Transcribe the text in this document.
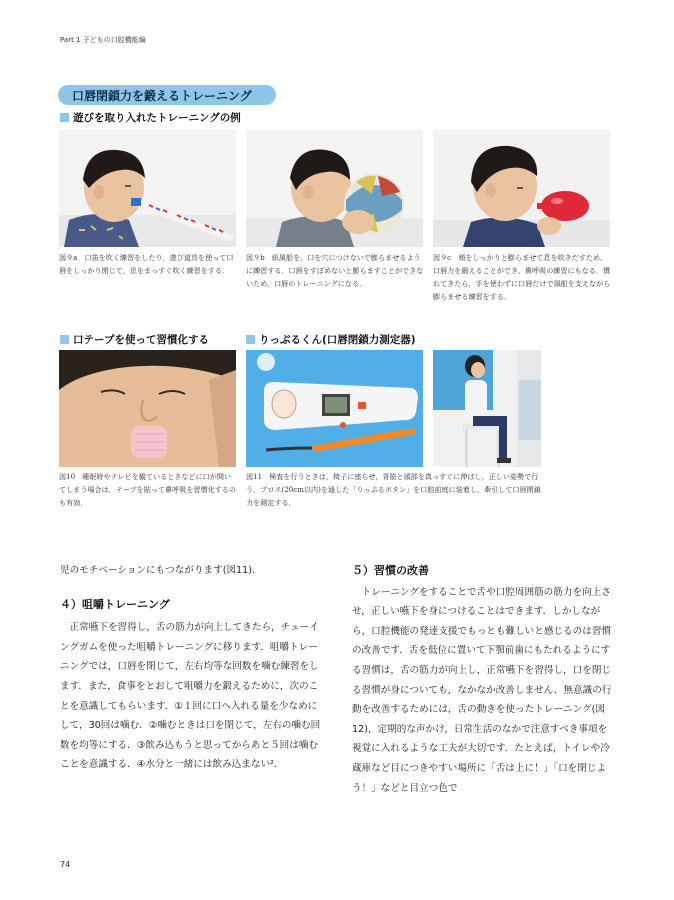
Part 1 子どもの口腔機能編
口唇閉鎖力を鍛えるトレーニング
遊びを取り入れたトレーニングの例
図９a　口笛を吹く練習をしたり，遊び道具を使って口唇をしっかり閉じて，息をまっすぐ吹く練習をする．
図９b　紙風船を，口を穴につけないで膨らませるように練習する．口唇をすぼめないと膨らますことができないため，口唇のトレーニングになる．
図９c　頬をしっかりと膨らませて息を吹きだすため，口唇力を鍛えることができ，鼻呼吸の練習にもなる．慣れてきたら，手を使わずに口唇だけで風船を支えながら膨らませる練習をする．
口テープを使って習慣化する	りっぷるくん(口唇閉鎖力測定器)
図10　睡眠時やテレビを観ているときなどに口が開いてしまう場合は，テープを貼って鼻呼吸を習慣化するのも有効．
図11　検査を行うときは，椅子に座らせ，背筋と頭部を真っすぐに伸ばし，正しい姿勢で行う．プロス(20cm以内)を通した「りっぷるボタン」を口腔前庭に装着し，牽引して口唇閉鎖力を測定する．

児のモチベーションにもつながります(図11)．

４）咀嚼トレーニング

　正常嚥下を習得し，舌の筋力が向上してきたら，チューイングガムを使った咀嚼トレーニングに移ります．咀嚼トレーニングでは，口唇を閉じて，左右均等な回数を噛む練習をします．また，食事をとおして咀嚼力を鍛えるために，次のことを意識してもらいます．①１回に口へ入れる量を少なめにして，30回は噛む．②噛むときは口を閉じて，左右の噛む回数を均等にする．③飲み込もうと思ってからあと５回は噛むことを意識する．④水分と一緒には飲み込まない²．

５）習慣の改善

　トレーニングをすることで舌や口腔周囲筋の筋力を向上させ，正しい嚥下を身につけることはできます．しかしながら，口腔機能の発達支援でもっとも難しいと感じるのは習慣の改善です．舌を低位に置いて下顎前歯にもたれるようにする習慣は，舌の筋力が向上し，正常嚥下を習得し，口を閉じる習慣が身についても，なかなか改善しません．無意識の行動を改善するためには，舌の動きを使ったトレーニング(図12)，定期的な声かけ，日常生活のなかで注意すべき事項を視覚に入れるような工夫が大切です．たとえば，トイレや冷蔵庫など目につきやすい場所に「舌は上に！」「口を閉じよう！」などと目立つ色で

74
